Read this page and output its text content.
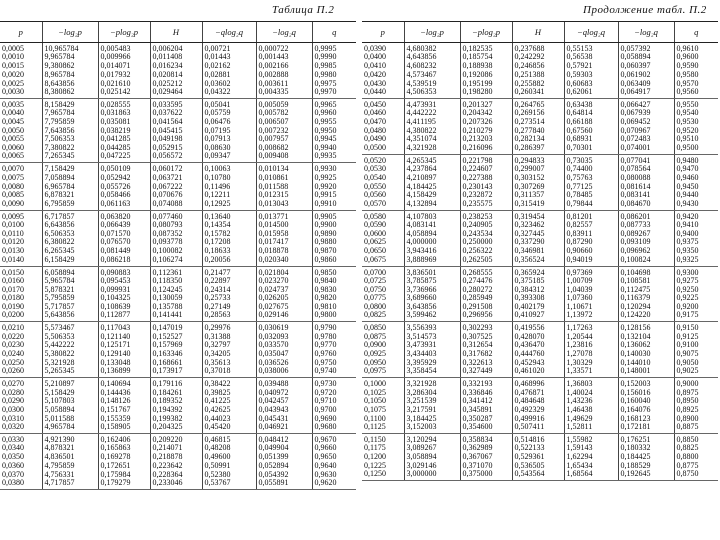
Таблица П.2	Продолжение табл. П.2
p	−log₂p	−plog₂p	H	−qlog₂q	−log₂q	q
0,0005	10,965784	0,005483	0,006204	0,00721	0,000722	0,9995
0,0010	9,965784	0,009966	0,011408	0,01443	0,001443	0,9990
0,0015	9,380862	0,014071	0,016234	0,02162	0,002166	0,9985
0,0020	8,965784	0,017932	0,020814	0,02881	0,002888	0,9980
0,0025	8,643856	0,021610	0,025212	0,03602	0,003611	0,9975
0,0030	8,380862	0,025142	0,029464	0,04322	0,004335	0,9970
0,0035	8,158429	0,028555	0,033595	0,05041	0,005059	0,9965
0,0040	7,965784	0,031863	0,037622	0,05759	0,005782	0,9960
0,0045	7,795859	0,035081	0,041564	0,06476	0,006507	0,9955
0,0050	7,643856	0,038219	0,045415	0,07195	0,007232	0,9950
0,0055	7,506353	0,041285	0,049198	0,07913	0,007957	0,9945
0,0060	7,380822	0,044285	0,052915	0,08630	0,008682	0,9940
0,0065	7,265345	0,047225	0,056572	0,09347	0,009408	0,9935
0,0070	7,158429	0,050109	0,060172	0,10063	0,010134	0,9930
0,0075	7,058894	0,052942	0,063721	0,10780	0,010861	0,9925
0,0080	6,965784	0,055726	0,067222	0,11496	0,011588	0,9920
0,0085	6,878321	0,058466	0,070676	0,12211	0,012315	0,9915
0,0090	6,795859	0,061163	0,074088	0,12925	0,013043	0,9910
0,0095	6,717857	0,063820	0,077460	0,13640	0,013771	0,9905
0,0100	6,643856	0,066439	0,080793	0,14354	0,014500	0,9900
0,0110	6,506353	0,071570	0,087352	0,15782	0,015958	0,9890
0,0120	6,380822	0,076570	0,093778	0,17208	0,017417	0,9880
0,0130	6,265345	0,081449	0,100082	0,18633	0,018878	0,9870
0,0140	6,158429	0,086218	0,106274	0,20056	0,020340	0,9860
0,0150	6,058894	0,090883	0,112361	0,21477	0,021804	0,9850
0,0160	5,965784	0,095453	0,118350	0,22897	0,023270	0,9840
0,0170	5,878321	0,099931	0,124245	0,24314	0,024737	0,9830
0,0180	5,795859	0,104325	0,130059	0,25733	0,026205	0,9820
0,0190	5,717857	0,108639	0,135788	0,27149	0,027675	0,9810
0,0200	5,643856	0,112877	0,141441	0,28563	0,029146	0,9800
0,0210	5,573467	0,117043	0,147019	0,29976	0,030619	0,9790
0,0220	5,506353	0,121140	0,152527	0,31388	0,032093	0,9780
0,0230	5,442222	0,125171	0,157969	0,32797	0,033570	0,9770
0,0240	5,380822	0,129140	0,163346	0,34205	0,035047	0,9760
0,0250	5,321928	0,133048	0,168661	0,35613	0,036526	0,9750
0,0260	5,265345	0,136899	0,173917	0,37018	0,038006	0,9740
0,0270	5,210897	0,140694	0,179116	0,38422	0,039488	0,9730
0,0280	5,158429	0,144436	0,184261	0,39825	0,040972	0,9720
0,0290	5,107803	0,148126	0,189352	0,41225	0,042457	0,9710
0,0300	5,058894	0,151767	0,194392	0,42625	0,043943	0,9700
0,0310	5,011588	0,155359	0,199382	0,44023	0,045431	0,9690
0,0320	4,965784	0,158905	0,204325	0,45420	0,046921	0,9680
0,0330	4,921390	0,162406	0,209220	0,46815	0,048412	0,9670
0,0340	4,878321	0,165863	0,214071	0,48208	0,049904	0,9660
0,0350	4,836501	0,169278	0,218878	0,49600	0,051399	0,9650
0,0360	4,795859	0,172651	0,223642	0,50991	0,052894	0,9640
0,0370	4,756331	0,175984	0,228364	0,52380	0,054392	0,9630
0,0380	4,717857	0,179279	0,233046	0,53767	0,055891	0,9620
p	−log₂p	−plog₂p	H	−qlog₂q	−log₂q	q
0,0390	4,680382	0,182535	0,237688	0,55153	0,057392	0,9610
0,0400	4,643856	0,185754	0,242292	0,56538	0,058894	0,9600
0,0410	4,608232	0,188938	0,246856	0,57921	0,060397	0,9590
0,0420	4,573467	0,192086	0,251388	0,59303	0,061902	0,9580
0,0430	4,539519	0,195199	0,255882	0,60683	0,063409	0,9570
0,0440	4,506353	0,198280	0,260341	0,62061	0,064917	0,9560
0,0450	4,473931	0,201327	0,264765	0,63438	0,066427	0,9550
0,0460	4,442222	0,204342	0,269156	0,64814	0,067939	0,9540
0,0470	4,411195	0,207326	0,273514	0,66188	0,069452	0,9530
0,0480	4,380822	0,210279	0,277840	0,67560	0,070967	0,9520
0,0490	4,351074	0,213203	0,282134	0,68931	0,072483	0,9510
0,0500	4,321928	0,216096	0,286397	0,70301	0,074001	0,9500
0,0520	4,265345	0,221798	0,294833	0,73035	0,077041	0,9480
0,0530	4,237864	0,224607	0,299007	0,74400	0,078564	0,9470
0,0540	4,210897	0,227388	0,303152	0,75763	0,080088	0,9460
0,0550	4,184425	0,230143	0,307269	0,77125	0,081614	0,9450
0,0560	4,158429	0,232872	0,311357	0,78485	0,083141	0,9440
0,0570	4,132894	0,235575	0,315419	0,79844	0,084670	0,9430
0,0580	4,107803	0,238253	0,319454	0,81201	0,086201	0,9420
0,0590	4,083141	0,240905	0,323462	0,82557	0,087733	0,9410
0,0600	4,058894	0,243534	0,327445	0,83911	0,089267	0,9400
0,0625	4,000000	0,250000	0,337290	0,87290	0,093109	0,9375
0,0650	3,943416	0,256322	0,346981	0,90660	0,096962	0,9350
0,0675	3,888969	0,262505	0,356524	0,94019	0,100824	0,9325
0,0700	3,836501	0,268555	0,365924	0,97369	0,104698	0,9300
0,0725	3,785875	0,274476	0,375185	1,00709	0,108581	0,9275
0,0750	3,736966	0,280272	0,384312	1,04039	0,112475	0,9250
0,0775	3,689660	0,285949	0,393308	1,07360	0,116379	0,9225
0,0800	3,643856	0,291508	0,402179	1,10671	0,120294	0,9200
0,0825	3,599462	0,296956	0,410927	1,13972	0,124220	0,9175
0,0850	3,556393	0,302293	0,419556	1,17263	0,128156	0,9150
0,0875	3,514573	0,307525	0,428070	1,20544	0,132104	0,9125
0,0900	3,473931	0,312654	0,436470	1,23816	0,136062	0,9100
0,0925	3,434403	0,317682	0,444760	1,27078	0,140030	0,9075
0,0950	3,395929	0,322613	0,452943	1,30329	0,144010	0,9050
0,0975	3,358454	0,327449	0,461020	1,33571	0,148001	0,9025
0,1000	3,321928	0,332193	0,468996	1,36803	0,152003	0,9000
0,1025	3,286304	0,336846	0,476871	1,40024	0,156016	0,8975
0,1050	3,251539	0,341412	0,484648	1,43236	0,160040	0,8950
0,1075	3,217591	0,345891	0,492329	1,46438	0,164076	0,8925
0,1100	3,184425	0,350287	0,499916	1,49629	0,168123	0,8900
0,1125	3,152003	0,354600	0,507411	1,52811	0,172181	0,8875
0,1150	3,120294	0,358834	0,514816	1,55982	0,176251	0,8850
0,1175	3,089267	0,362989	0,522133	1,59143	0,180332	0,8825
0,1200	3,058894	0,367067	0,529361	1,62294	0,184425	0,8800
0,1225	3,029146	0,371070	0,536505	1,65434	0,188529	0,8775
0,1250	3,000000	0,375000	0,543564	1,68564	0,192645	0,8750
